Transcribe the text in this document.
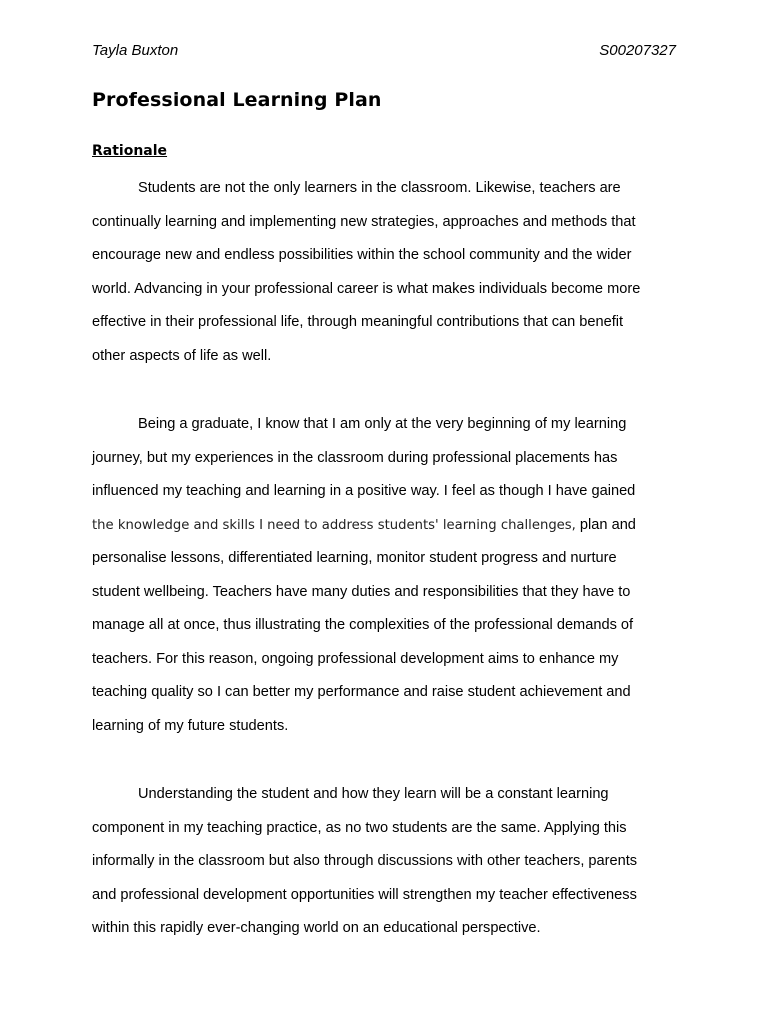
Tayla Buxton	S00207327
Professional Learning Plan
Rationale
Students are not the only learners in the classroom. Likewise, teachers are
continually learning and implementing new strategies, approaches and methods that
encourage new and endless possibilities within the school community and the wider
world. Advancing in your professional career is what makes individuals become more
effective in their professional life, through meaningful contributions that can benefit
other aspects of life as well.
Being a graduate, I know that I am only at the very beginning of my learning
journey, but my experiences in the classroom during professional placements has
influenced my teaching and learning in a positive way. I feel as though I have gained
the knowledge and skills I need to address students' learning challenges, plan and
personalise lessons, differentiated learning, monitor student progress and nurture
student wellbeing. Teachers have many duties and responsibilities that they have to
manage all at once, thus illustrating the complexities of the professional demands of
teachers. For this reason, ongoing professional development aims to enhance my
teaching quality so I can better my performance and raise student achievement and
learning of my future students.
Understanding the student and how they learn will be a constant learning
component in my teaching practice, as no two students are the same. Applying this
informally in the classroom but also through discussions with other teachers, parents
and professional development opportunities will strengthen my teacher effectiveness
within this rapidly ever-changing world on an educational perspective.
